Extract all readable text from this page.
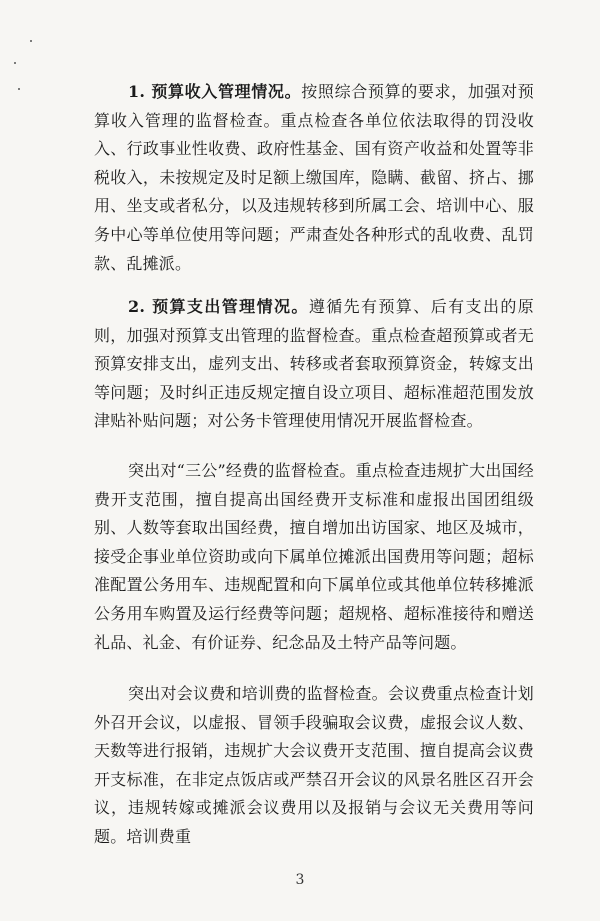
1. 预算收入管理情况。按照综合预算的要求，加强对预算收入管理的监督检查。重点检查各单位依法取得的罚没收入、行政事业性收费、政府性基金、国有资产收益和处置等非税收入，未按规定及时足额上缴国库，隐瞒、截留、挤占、挪用、坐支或者私分，以及违规转移到所属工会、培训中心、服务中心等单位使用等问题；严肃查处各种形式的乱收费、乱罚款、乱摊派。

2. 预算支出管理情况。遵循先有预算、后有支出的原则，加强对预算支出管理的监督检查。重点检查超预算或者无预算安排支出，虚列支出、转移或者套取预算资金，转嫁支出等问题；及时纠正违反规定擅自设立项目、超标准超范围发放津贴补贴问题；对公务卡管理使用情况开展监督检查。

突出对“三公”经费的监督检查。重点检查违规扩大出国经费开支范围，擅自提高出国经费开支标准和虚报出国团组级别、人数等套取出国经费，擅自增加出访国家、地区及城市，接受企事业单位资助或向下属单位摊派出国费用等问题；超标准配置公务用车、违规配置和向下属单位或其他单位转移摊派公务用车购置及运行经费等问题；超规格、超标准接待和赠送礼品、礼金、有价证券、纪念品及土特产品等问题。

突出对会议费和培训费的监督检查。会议费重点检查计划外召开会议，以虚报、冒领手段骗取会议费，虚报会议人数、天数等进行报销，违规扩大会议费开支范围、擅自提高会议费开支标准，在非定点饭店或严禁召开会议的风景名胜区召开会议，违规转嫁或摊派会议费用以及报销与会议无关费用等问题。培训费重

3
